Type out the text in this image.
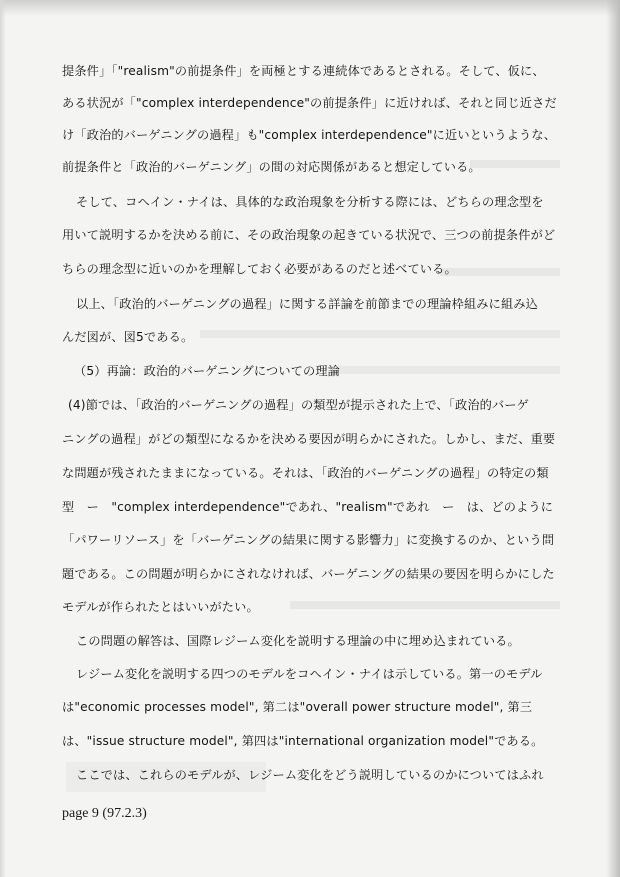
提条件」「"realism"の前提条件」を両極とする連続体であるとされる。そして、仮に、
ある状況が「"complex interdependence"の前提条件」に近ければ、それと同じ近さだ
け「政治的バーゲニングの過程」も"complex interdependence"に近いというような、
前提条件と「政治的バーゲニング」の間の対応関係があると想定している。
そして、コヘイン・ナイは、具体的な政治現象を分析する際には、どちらの理念型を
用いて説明するかを決める前に、その政治現象の起きている状況で、三つの前提条件がど
ちらの理念型に近いのかを理解しておく必要があるのだと述べている。
以上、「政治的バーゲニングの過程」に関する詳論を前節までの理論枠組みに組み込
んだ図が、図5である。
（5）再論：政治的バーゲニングについての理論
(4)節では、「政治的バーゲニングの過程」の類型が提示された上で、「政治的バーゲ
ニングの過程」がどの類型になるかを決める要因が明らかにされた。しかし、まだ、重要
な問題が残されたままになっている。それは、「政治的バーゲニングの過程」の特定の類
型　ー　"complex interdependence"であれ、"realism"であれ　ー　は、どのように
「パワーリソース」を「バーゲニングの結果に関する影響力」に変換するのか、という問
題である。この問題が明らかにされなければ、バーゲニングの結果の要因を明らかにした
モデルが作られたとはいいがたい。
この問題の解答は、国際レジーム変化を説明する理論の中に埋め込まれている。
レジーム変化を説明する四つのモデルをコヘイン・ナイは示している。第一のモデル
は"economic processes model", 第二は"overall power structure model", 第三
は、"issue structure model", 第四は"international organization model"である。
ここでは、これらのモデルが、レジーム変化をどう説明しているのかについてはふれ
page 9 (97.2.3)
